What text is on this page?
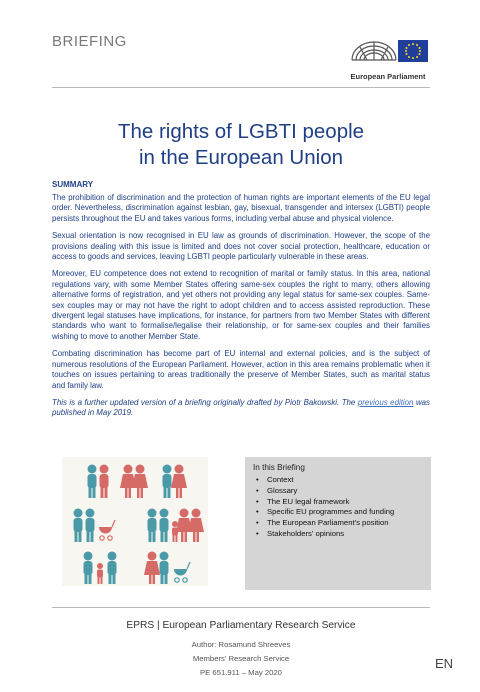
BRIEFING
European Parliament
The rights of LGBTI people
in the European Union
SUMMARY

The prohibition of discrimination and the protection of human rights are important elements of the EU legal order. Nevertheless, discrimination against lesbian, gay, bisexual, transgender and intersex (LGBTI) people persists throughout the EU and takes various forms, including verbal abuse and physical violence.

Sexual orientation is now recognised in EU law as grounds of discrimination. However, the scope of the provisions dealing with this issue is limited and does not cover social protection, healthcare, education or access to goods and services, leaving LGBTI people particularly vulnerable in these areas.

Moreover, EU competence does not extend to recognition of marital or family status. In this area, national regulations vary, with some Member States offering same-sex couples the right to marry, others allowing alternative forms of registration, and yet others not providing any legal status for same-sex couples. Same-sex couples may or may not have the right to adopt children and to access assisted reproduction. These divergent legal statuses have implications, for instance, for partners from two Member States with different standards who want to formalise/legalise their relationship, or for same-sex couples and their families wishing to move to another Member State.

Combating discrimination has become part of EU internal and external policies, and is the subject of numerous resolutions of the European Parliament. However, action in this area remains problematic when it touches on issues pertaining to areas traditionally the preserve of Member States, such as marital status and family law.

This is a further updated version of a briefing originally drafted by Piotr Bakowski. The previous edition was published in May 2019.

In this Briefing
• Context
• Glossary
• The EU legal framework
• Specific EU programmes and funding
• The European Parliament's position
• Stakeholders' opinions
EPRS | European Parliamentary Research Service
Author: Rosamund Shreeves
Members' Research Service
PE 651.911 – May 2020
EN
